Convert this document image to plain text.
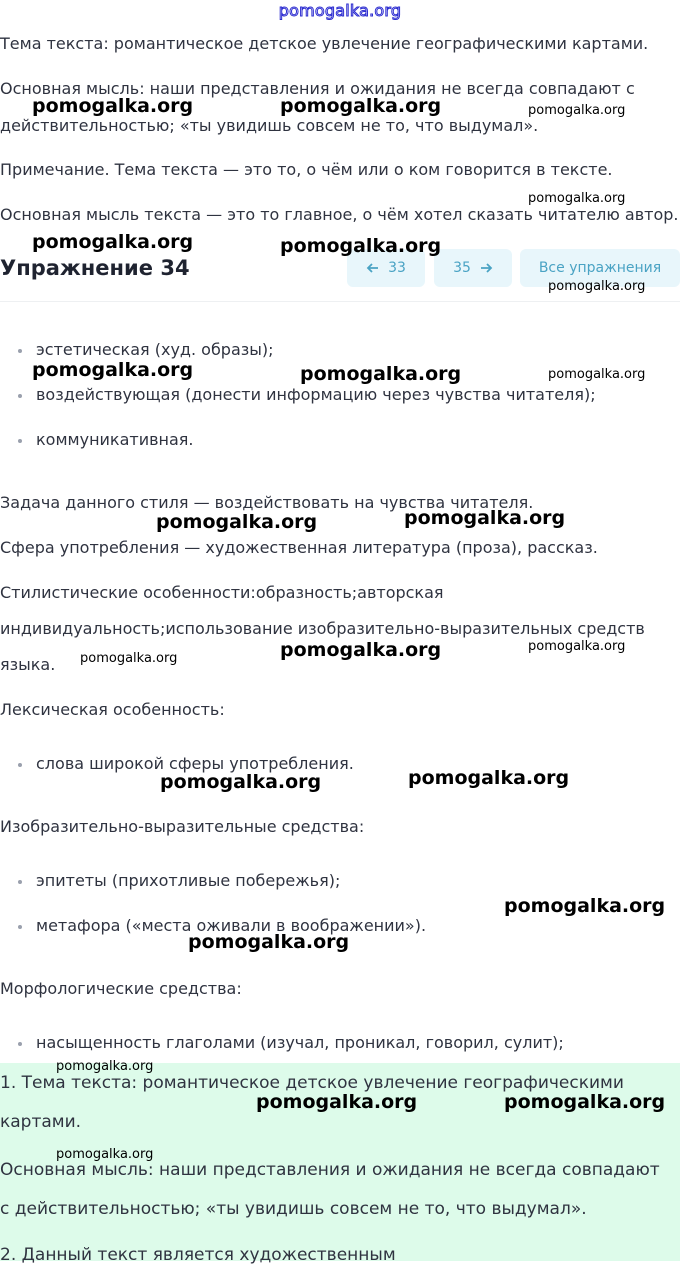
pomogalka.org

Тема текста: романтическое детское увлечение географическими картами.

Основная мысль: наши представления и ожидания не всегда совпадают с

действительностью; «ты увидишь совсем не то, что выдумал».

Примечание. Тема текста — это то, о чём или о ком говорится в тексте.

Основная мысль текста — это то главное, о чём хотел сказать читателю автор.

Упражнение 34	33	35	Все упражнения
эстетическая (худ. образы);
воздействующая (донести информацию через чувства читателя);
коммуникативная.

Задача данного стиля — воздействовать на чувства читателя.

Сфера употребления — художественная литература (проза), рассказ.

Стилистические особенности:образность;авторская

индивидуальность;использование изобразительно-выразительных средств

языка.

Лексическая особенность:

слова широкой сферы употребления.

Изобразительно-выразительные средства:

эпитеты (прихотливые побережья);
метафора («места оживали в воображении»).

Морфологические средства:

насыщенность глаголами (изучал, проникал, говорил, сулит);

1. Тема текста: романтическое детское увлечение географическими

картами.

Основная мысль: наши представления и ожидания не всегда совпадают

с действительностью; «ты увидишь совсем не то, что выдумал».

2. Данный текст является художественным

pomogalka.org	pomogalka.org	pomogalka.org
pomogalka.org
pomogalka.org	pomogalka.org
pomogalka.org
pomogalka.org	pomogalka.org	pomogalka.org
pomogalka.org	pomogalka.org
pomogalka.org	pomogalka.org	pomogalka.org
pomogalka.org	pomogalka.org
pomogalka.org
pomogalka.org
pomogalka.org
pomogalka.org	pomogalka.org
pomogalka.org
